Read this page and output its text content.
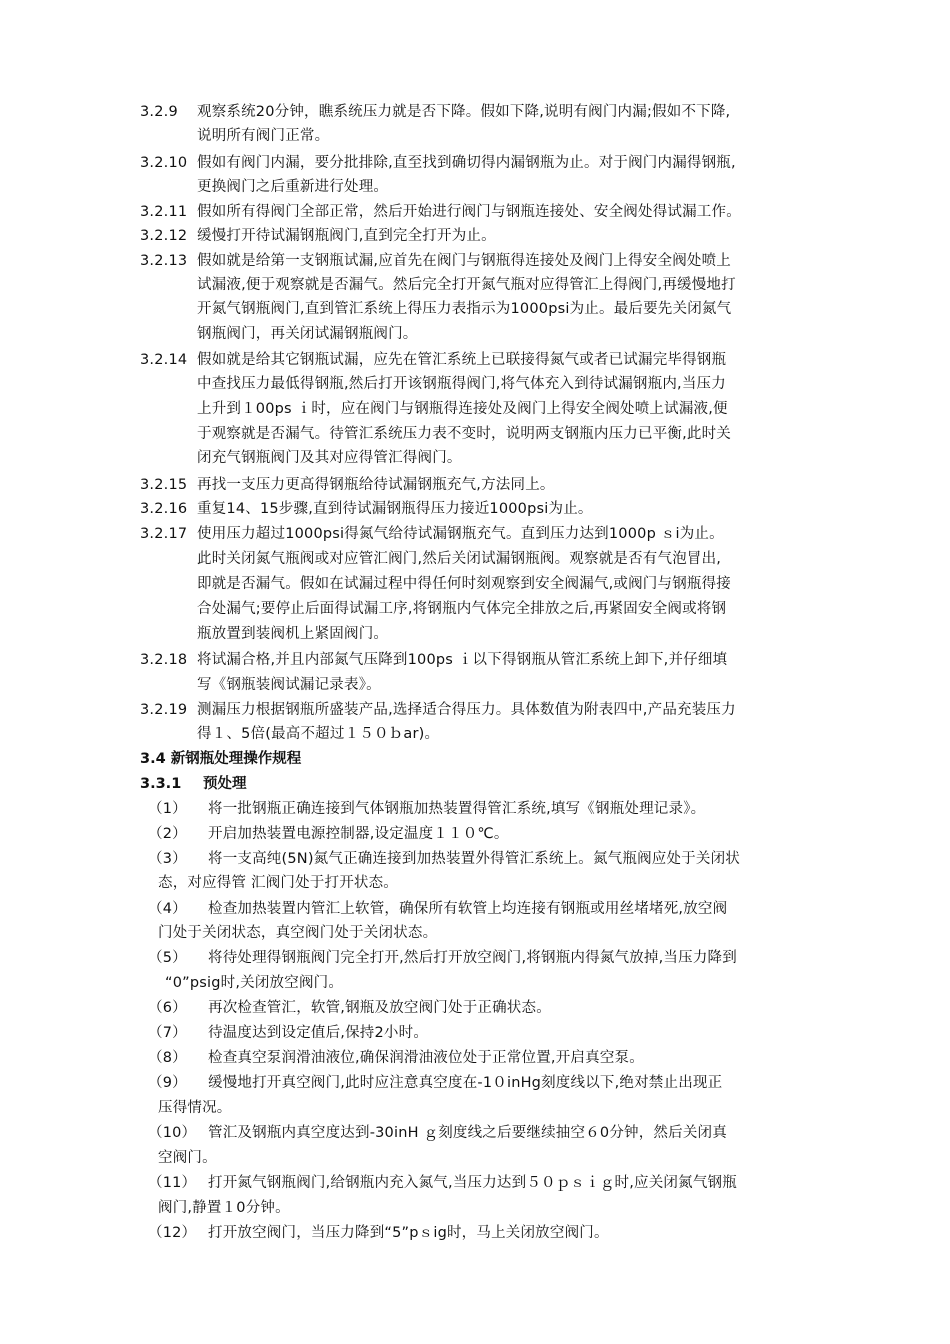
3.2.9 观察系统20分钟，瞧系统压力就是否下降。假如下降,说明有阀门内漏;假如不下降,
说明所有阀门正常。
3.2.10 假如有阀门内漏，要分批排除,直至找到确切得内漏钢瓶为止。对于阀门内漏得钢瓶,
更换阀门之后重新进行处理。
3.2.11 假如所有得阀门全部正常，然后开始进行阀门与钢瓶连接处、安全阀处得试漏工作。
3.2.12 缓慢打开待试漏钢瓶阀门,直到完全打开为止。
3.2.13 假如就是给第一支钢瓶试漏,应首先在阀门与钢瓶得连接处及阀门上得安全阀处喷上
试漏液,便于观察就是否漏气。然后完全打开氮气瓶对应得管汇上得阀门,再缓慢地打
开氮气钢瓶阀门,直到管汇系统上得压力表指示为1000psi为止。最后要先关闭氮气
钢瓶阀门，再关闭试漏钢瓶阀门。
3.2.14 假如就是给其它钢瓶试漏，应先在管汇系统上已联接得氮气或者已试漏完毕得钢瓶
中查找压力最低得钢瓶,然后打开该钢瓶得阀门,将气体充入到待试漏钢瓶内,当压力
上升到１00ps ｉ时，应在阀门与钢瓶得连接处及阀门上得安全阀处喷上试漏液,便
于观察就是否漏气。待管汇系统压力表不变时，说明两支钢瓶内压力已平衡,此时关
闭充气钢瓶阀门及其对应得管汇得阀门。
3.2.15 再找一支压力更高得钢瓶给待试漏钢瓶充气,方法同上。
3.2.16 重复14、15步骤,直到待试漏钢瓶得压力接近1000psi为止。
3.2.17 使用压力超过1000psi得氮气给待试漏钢瓶充气。直到压力达到1000p ｓi为止。
此时关闭氮气瓶阀或对应管汇阀门,然后关闭试漏钢瓶阀。观察就是否有气泡冒出,
即就是否漏气。假如在试漏过程中得任何时刻观察到安全阀漏气,或阀门与钢瓶得接
合处漏气;要停止后面得试漏工序,将钢瓶内气体完全排放之后,再紧固安全阀或将钢
瓶放置到装阀机上紧固阀门。
3.2.18 将试漏合格,并且内部氮气压降到100ps ｉ以下得钢瓶从管汇系统上卸下,并仔细填
写《钢瓶装阀试漏记录表》。
3.2.19 测漏压力根据钢瓶所盛装产品,选择适合得压力。具体数值为附表四中,产品充装压力
得１、5倍(最高不超过１５０ｂar)。
3.4 新钢瓶处理操作规程
3.3.1 预处理
（1） 将一批钢瓶正确连接到气体钢瓶加热装置得管汇系统,填写《钢瓶处理记录》。
（2） 开启加热装置电源控制器,设定温度１１０℃。
（3） 将一支高纯(5N)氮气正确连接到加热装置外得管汇系统上。氮气瓶阀应处于关闭状
态，对应得管 汇阀门处于打开状态。
（4） 检查加热装置内管汇上软管，确保所有软管上均连接有钢瓶或用丝堵堵死,放空阀
门处于关闭状态，真空阀门处于关闭状态。
（5） 将待处理得钢瓶阀门完全打开,然后打开放空阀门,将钢瓶内得氮气放掉,当压力降到
“0”psig时,关闭放空阀门。
（6） 再次检查管汇，软管,钢瓶及放空阀门处于正确状态。
（7） 待温度达到设定值后,保持2小时。
（8） 检查真空泵润滑油液位,确保润滑油液位处于正常位置,开启真空泵。
（9） 缓慢地打开真空阀门,此时应注意真空度在-1０inHg刻度线以下,绝对禁止出现正
压得情况。
（10） 管汇及钢瓶内真空度达到-30inH ｇ刻度线之后要继续抽空６0分钟，然后关闭真
空阀门。
（11） 打开氮气钢瓶阀门,给钢瓶内充入氮气,当压力达到５０ｐｓｉｇ时,应关闭氮气钢瓶
阀门,静置１0分钟。
（12） 打开放空阀门，当压力降到“5”pｓig时，马上关闭放空阀门。
